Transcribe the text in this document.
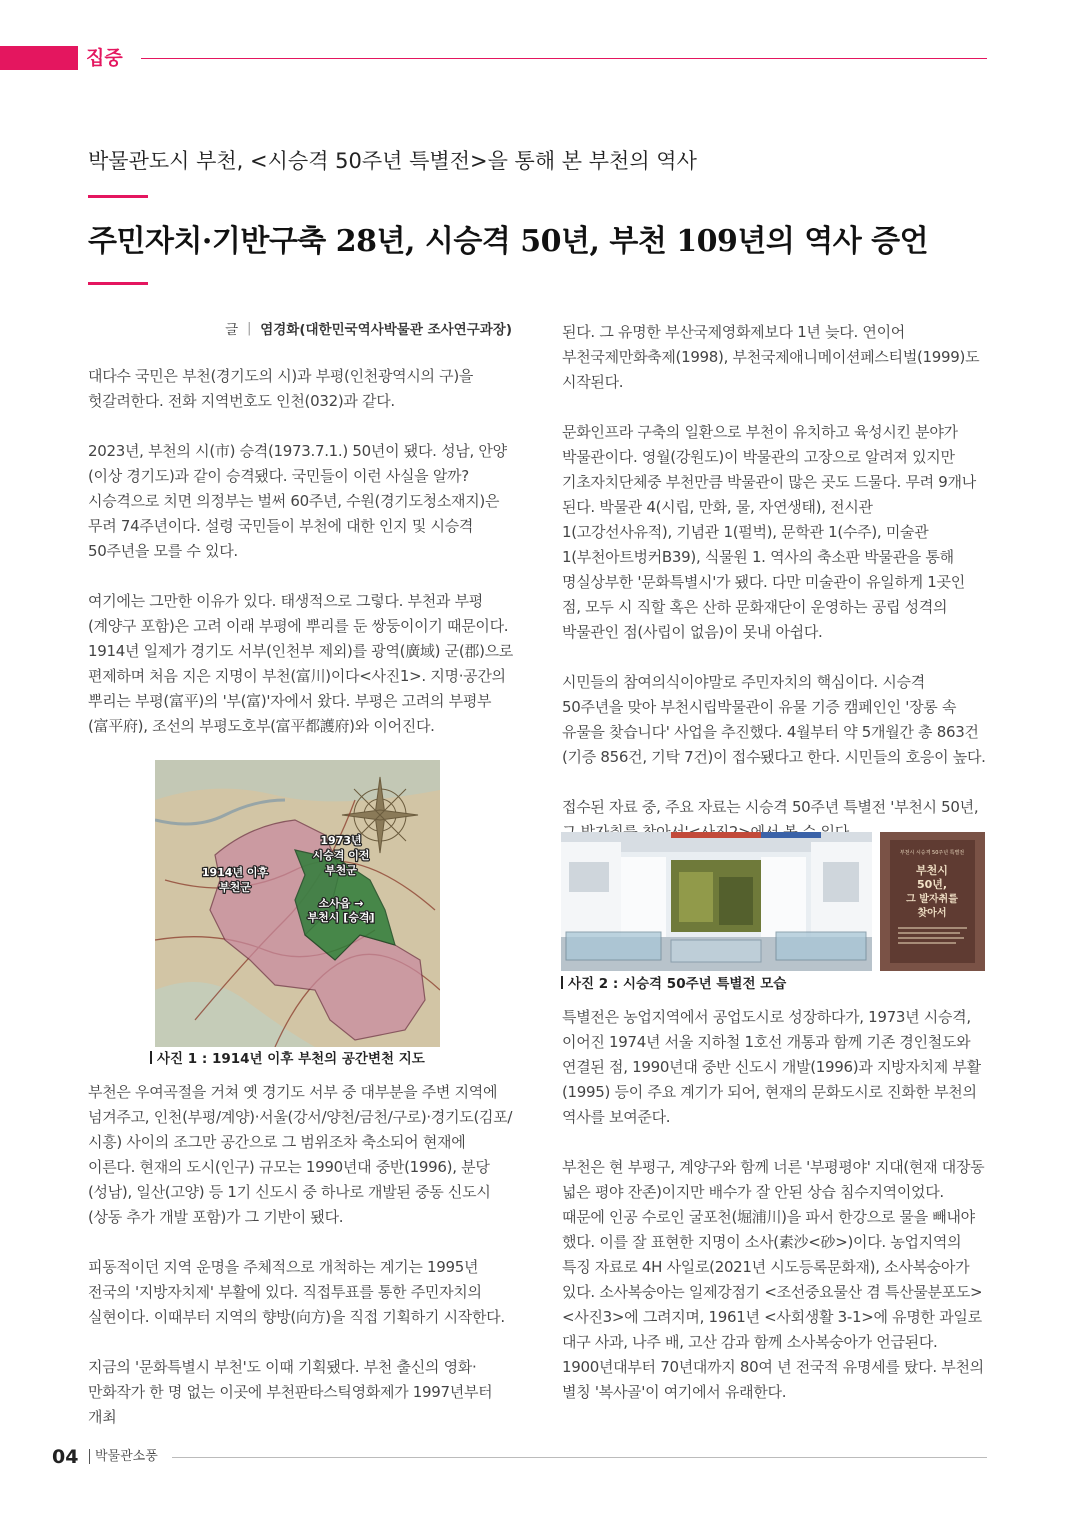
집중
박물관도시 부천, <시승격 50주년 특별전>을 통해 본 부천의 역사
주민자치·기반구축 28년, 시승격 50년, 부천 109년의 역사 증언
글 ｜ 염경화(대한민국역사박물관 조사연구과장)

대다수 국민은 부천(경기도의 시)과 부평(인천광역시의 구)을 헛갈려한다. 전화 지역번호도 인천(032)과 같다.

2023년, 부천의 시(市) 승격(1973.7.1.) 50년이 됐다. 성남, 안양(이상 경기도)과 같이 승격됐다. 국민들이 이런 사실을 알까? 시승격으로 치면 의정부는 벌써 60주년, 수원(경기도청소재지)은 무려 74주년이다. 설령 국민들이 부천에 대한 인지 및 시승격 50주년을 모를 수 있다.

여기에는 그만한 이유가 있다. 태생적으로 그렇다. 부천과 부평(계양구 포함)은 고려 이래 부평에 뿌리를 둔 쌍둥이이기 때문이다. 1914년 일제가 경기도 서부(인천부 제외)를 광역(廣域) 군(郡)으로 편제하며 처음 지은 지명이 부천(富川)이다<사진1>. 지명·공간의 뿌리는 부평(富平)의 '부(富)'자에서 왔다. 부평은 고려의 부평부(富平府), 조선의 부평도호부(富平都護府)와 이어진다.

1914년 이후
부천군
1973년
시승격 이전
부천군
소사읍 →
부천시 [승격]
사진 1 : 1914년 이후 부천의 공간변천 지도

부천은 우여곡절을 거쳐 옛 경기도 서부 중 대부분을 주변 지역에 넘겨주고, 인천(부평/계양)·서울(강서/양천/금천/구로)·경기도(김포/시흥) 사이의 조그만 공간으로 그 범위조차 축소되어 현재에 이른다. 현재의 도시(인구) 규모는 1990년대 중반(1996), 분당(성남), 일산(고양) 등 1기 신도시 중 하나로 개발된 중동 신도시(상동 추가 개발 포함)가 그 기반이 됐다.

피동적이던 지역 운명을 주체적으로 개척하는 계기는 1995년 전국의 '지방자치제' 부활에 있다. 직접투표를 통한 주민자치의 실현이다. 이때부터 지역의 향방(向方)을 직접 기획하기 시작한다.

지금의 '문화특별시 부천'도 이때 기획됐다. 부천 출신의 영화·만화작가 한 명 없는 이곳에 부천판타스틱영화제가 1997년부터 개최

된다. 그 유명한 부산국제영화제보다 1년 늦다. 연이어 부천국제만화축제(1998), 부천국제애니메이션페스티벌(1999)도 시작된다.

문화인프라 구축의 일환으로 부천이 유치하고 육성시킨 분야가 박물관이다. 영월(강원도)이 박물관의 고장으로 알려져 있지만 기초자치단체중 부천만큼 박물관이 많은 곳도 드물다. 무려 9개나 된다. 박물관 4(시립, 만화, 물, 자연생태), 전시관 1(고강선사유적), 기념관 1(펄벅), 문학관 1(수주), 미술관 1(부천아트벙커B39), 식물원 1. 역사의 축소판 박물관을 통해 명실상부한 '문화특별시'가 됐다. 다만 미술관이 유일하게 1곳인 점, 모두 시 직할 혹은 산하 문화재단이 운영하는 공립 성격의 박물관인 점(사립이 없음)이 못내 아쉽다.

시민들의 참여의식이야말로 주민자치의 핵심이다. 시승격 50주년을 맞아 부천시립박물관이 유물 기증 캠페인인 '장롱 속 유물을 찾습니다' 사업을 추진했다. 4월부터 약 5개월간 총 863건(기증 856건, 기탁 7건)이 접수됐다고 한다. 시민들의 호응이 높다.

접수된 자료 중, 주요 자료는 시승격 50주년 특별전 '부천시 50년,

부천시 시승격 50주년 특별전
부천시
50년,
그 발자취를
찾아서
사진 2 : 시승격 50주년 특별전 모습

특별전은 농업지역에서 공업도시로 성장하다가, 1973년 시승격, 이어진 1974년 서울 지하철 1호선 개통과 함께 기존 경인철도와 연결된 점, 1990년대 중반 신도시 개발(1996)과 지방자치제 부활(1995) 등이 주요 계기가 되어, 현재의 문화도시로 진화한 부천의 역사를 보여준다.

부천은 현 부평구, 계양구와 함께 너른 '부평평야' 지대(현재 대장동 넓은 평야 잔존)이지만 배수가 잘 안된 상습 침수지역이었다. 때문에 인공 수로인 굴포천(堀浦川)을 파서 한강으로 물을 빼내야 했다. 이를 잘 표현한 지명이 소사(素沙<砂>)이다. 농업지역의 특징 자료로 4H 사일로(2021년 시도등록문화재), 소사복숭아가 있다. 소사복숭아는 일제강점기 <조선중요물산 겸 특산물분포도><사진3>에 그려지며, 1961년 <사회생활 3-1>에 유명한 과일로 대구 사과, 나주 배, 고산 감과 함께 소사복숭아가 언급된다. 1900년대부터 70년대까지 80여 년 전국적 유명세를 탔다. 부천의 별칭 '복사골'이 여기에서 유래한다.

04 박물관소풍
